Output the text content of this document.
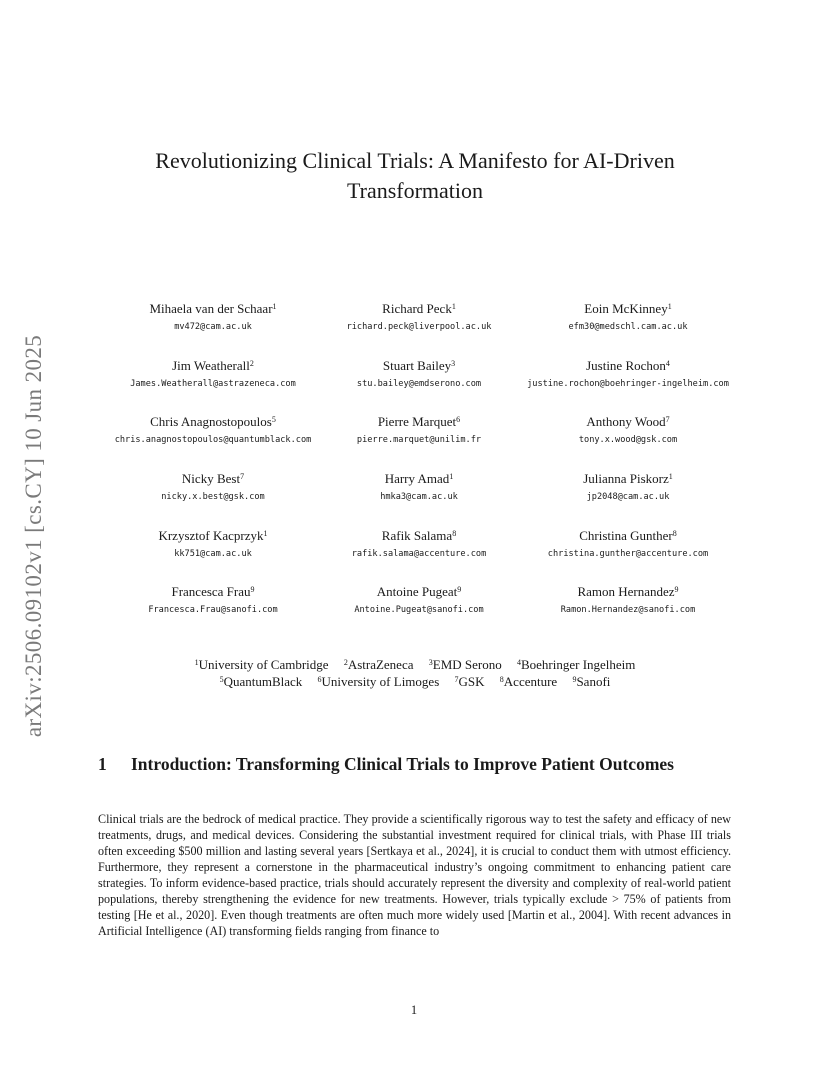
arXiv:2506.09102v1 [cs.CY] 10 Jun 2025
Revolutionizing Clinical Trials: A Manifesto for AI-Driven Transformation
Mihaela van der Schaar$^1$
mv472@cam.ac.uk
Richard Peck$^1$
richard.peck@liverpool.ac.uk
Eoin McKinney$^1$
efm30@medschl.cam.ac.uk
Jim Weatherall$^2$
James.Weatherall@astrazeneca.com
Stuart Bailey$^3$
stu.bailey@emdserono.com
Justine Rochon$^4$
justine.rochon@boehringer-ingelheim.com
Chris Anagnostopoulos$^5$
chris.anagnostopoulos@quantumblack.com
Pierre Marquet$^6$
pierre.marquet@unilim.fr
Anthony Wood$^7$
tony.x.wood@gsk.com
Nicky Best$^7$
nicky.x.best@gsk.com
Harry Amad$^1$
hmka3@cam.ac.uk
Julianna Piskorz$^1$
jp2048@cam.ac.uk
Krzysztof Kacprzyk$^1$
kk751@cam.ac.uk
Rafik Salama$^8$
rafik.salama@accenture.com
Christina Gunther$^8$
christina.gunther@accenture.com
Francesca Frau$^9$
Francesca.Frau@sanofi.com
Antoine Pugeat$^9$
Antoine.Pugeat@sanofi.com
Ramon Hernandez$^9$
Ramon.Hernandez@sanofi.com
$^1$University of Cambridge $^2$AstraZeneca $^3$EMD Serono $^4$Boehringer Ingelheim
$^5$QuantumBlack $^6$University of Limoges $^7$GSK $^8$Accenture $^9$Sanofi
1 Introduction: Transforming Clinical Trials to Improve Patient Outcomes

Clinical trials are the bedrock of medical practice. They provide a scientifically rigorous way to test the safety and efficacy of new treatments, drugs, and medical devices. Considering the substantial investment required for clinical trials, with Phase III trials often exceeding $500 million and lasting several years [Sertkaya et al., 2024], it is crucial to conduct them with utmost efficiency. Furthermore, they represent a cornerstone in the pharmaceutical industry’s ongoing commitment to enhancing patient care strategies. To inform evidence-based practice, trials should accurately represent the diversity and complexity of real-world patient populations, thereby strengthening the evidence for new treatments. However, trials typically exclude > 75% of patients from testing [He et al., 2020]. Even though treatments are often much more widely used [Martin et al., 2004]. With recent advances in Artificial Intelligence (AI) transforming fields ranging from finance to

1
